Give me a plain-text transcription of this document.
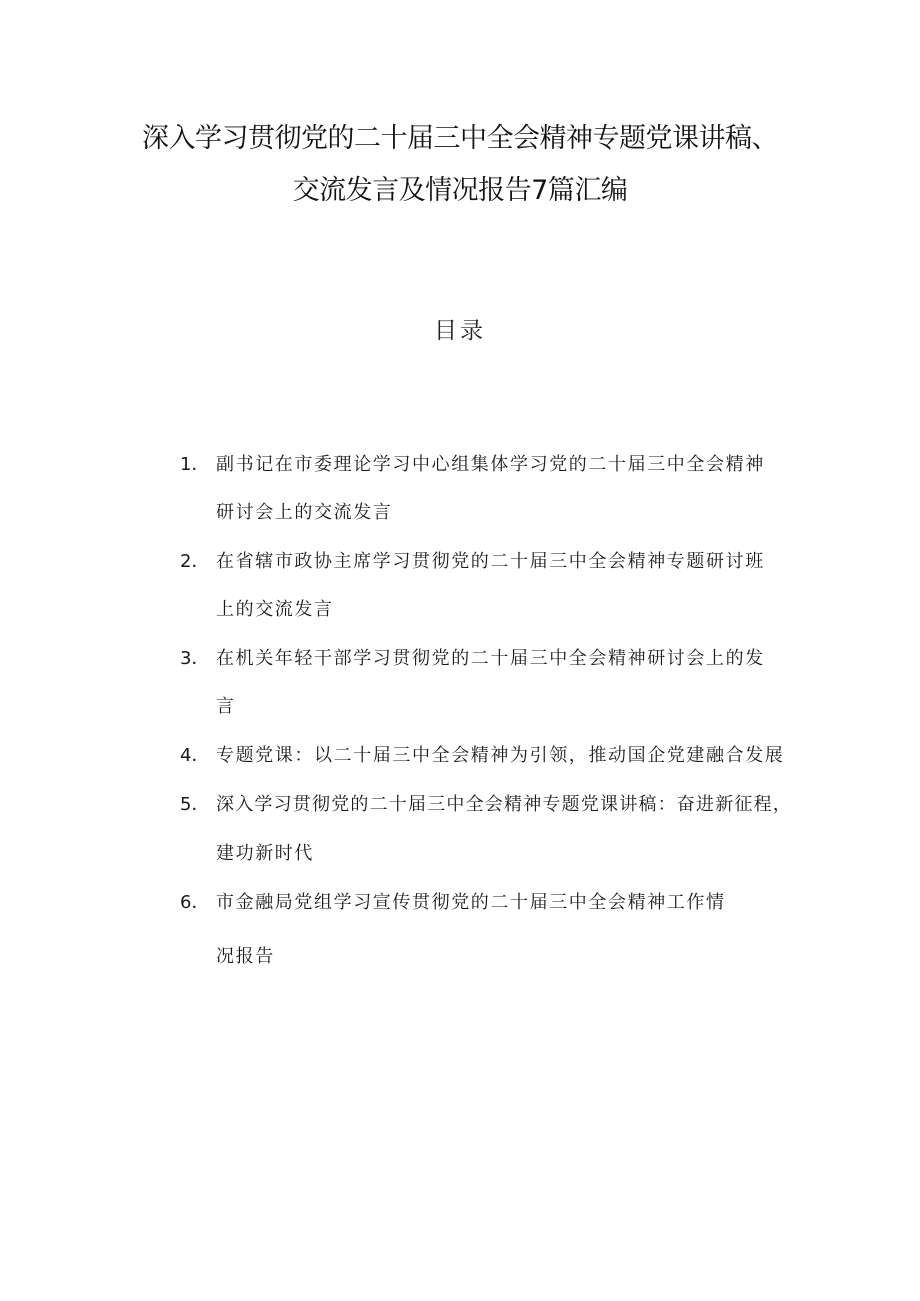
深入学习贯彻党的二十届三中全会精神专题党课讲稿、
交流发言及情况报告7篇汇编
目录
1． 副书记在市委理论学习中心组集体学习党的二十届三中全会精神
研讨会上的交流发言
2． 在省辖市政协主席学习贯彻党的二十届三中全会精神专题研讨班
上的交流发言
3． 在机关年轻干部学习贯彻党的二十届三中全会精神研讨会上的发
言
4． 专题党课：以二十届三中全会精神为引领，推动国企党建融合发展
5． 深入学习贯彻党的二十届三中全会精神专题党课讲稿：奋进新征程，
建功新时代
6． 市金融局党组学习宣传贯彻党的二十届三中全会精神工作情
况报告
